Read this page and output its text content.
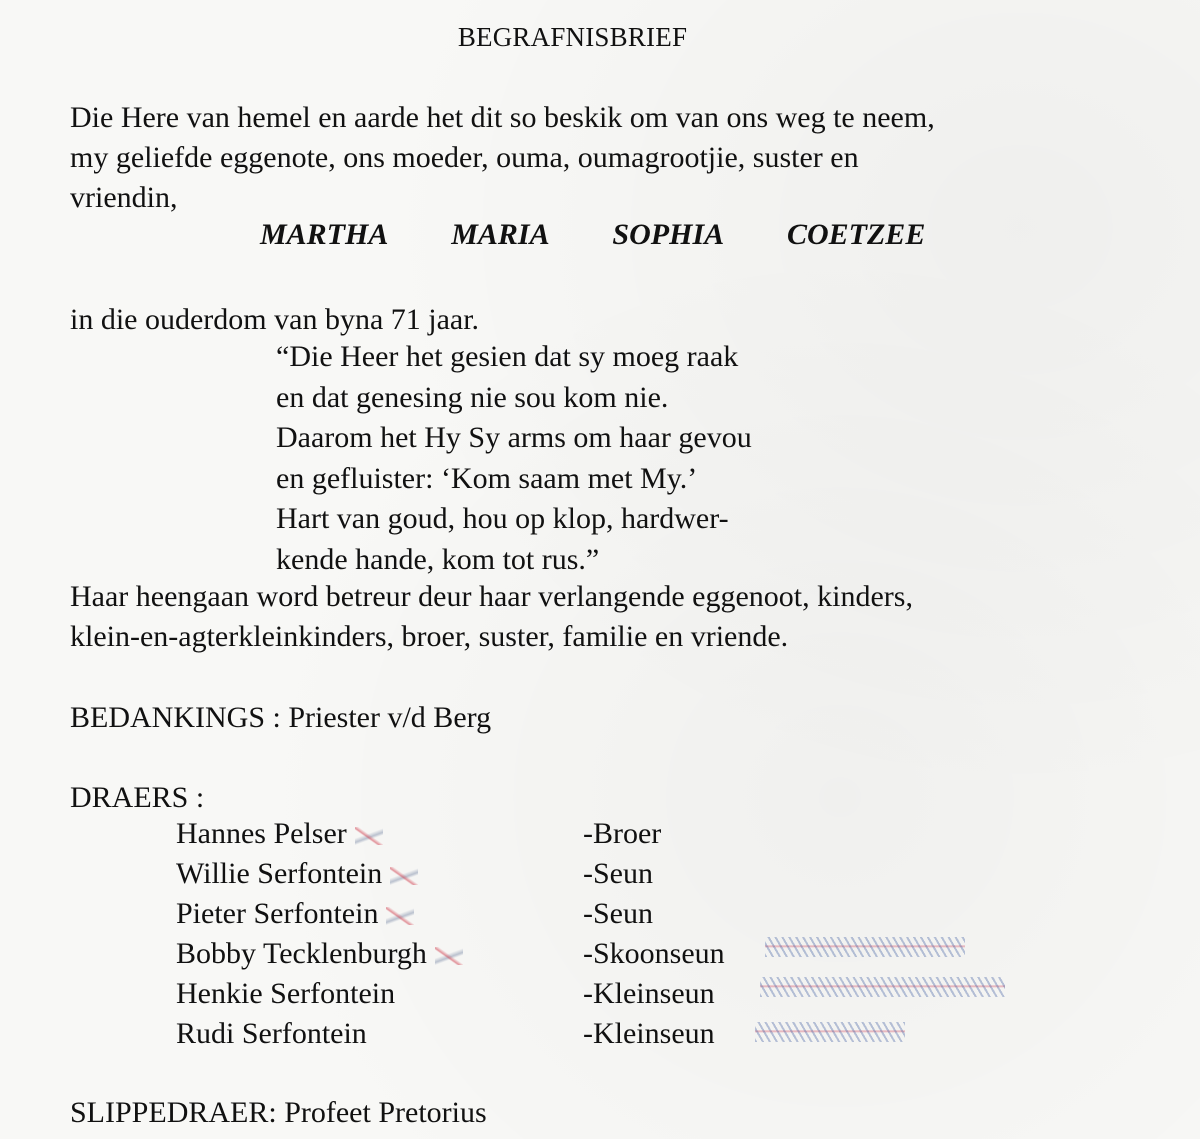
BEGRAFNISBRIEF
Die Here van hemel en aarde het dit so beskik om van ons weg te neem,
my geliefde eggenote, ons moeder, ouma, oumagrootjie, suster en
vriendin,
MARTHA   MARIA   SOPHIA   COETZEE
in die ouderdom van byna 71 jaar.
“Die Heer het gesien dat sy moeg raak
en dat genesing nie sou kom nie.
Daarom het Hy Sy arms om haar gevou
en gefluister: ‘Kom saam met My.’
Hart van goud, hou op klop, hardwer-
kende hande, kom tot rus.”
Haar heengaan word betreur deur haar verlangende eggenoot, kinders,
klein-en-agterkleinkinders, broer, suster, familie en vriende.
BEDANKINGS : Priester v/d Berg
DRAERS :
Hannes Pelser	-Broer
Willie Serfontein	-Seun
Pieter Serfontein	-Seun
Bobby Tecklenburgh	-Skoonseun
Henkie Serfontein	-Kleinseun
Rudi Serfontein	-Kleinseun
SLIPPEDRAER: Profeet Pretorius
